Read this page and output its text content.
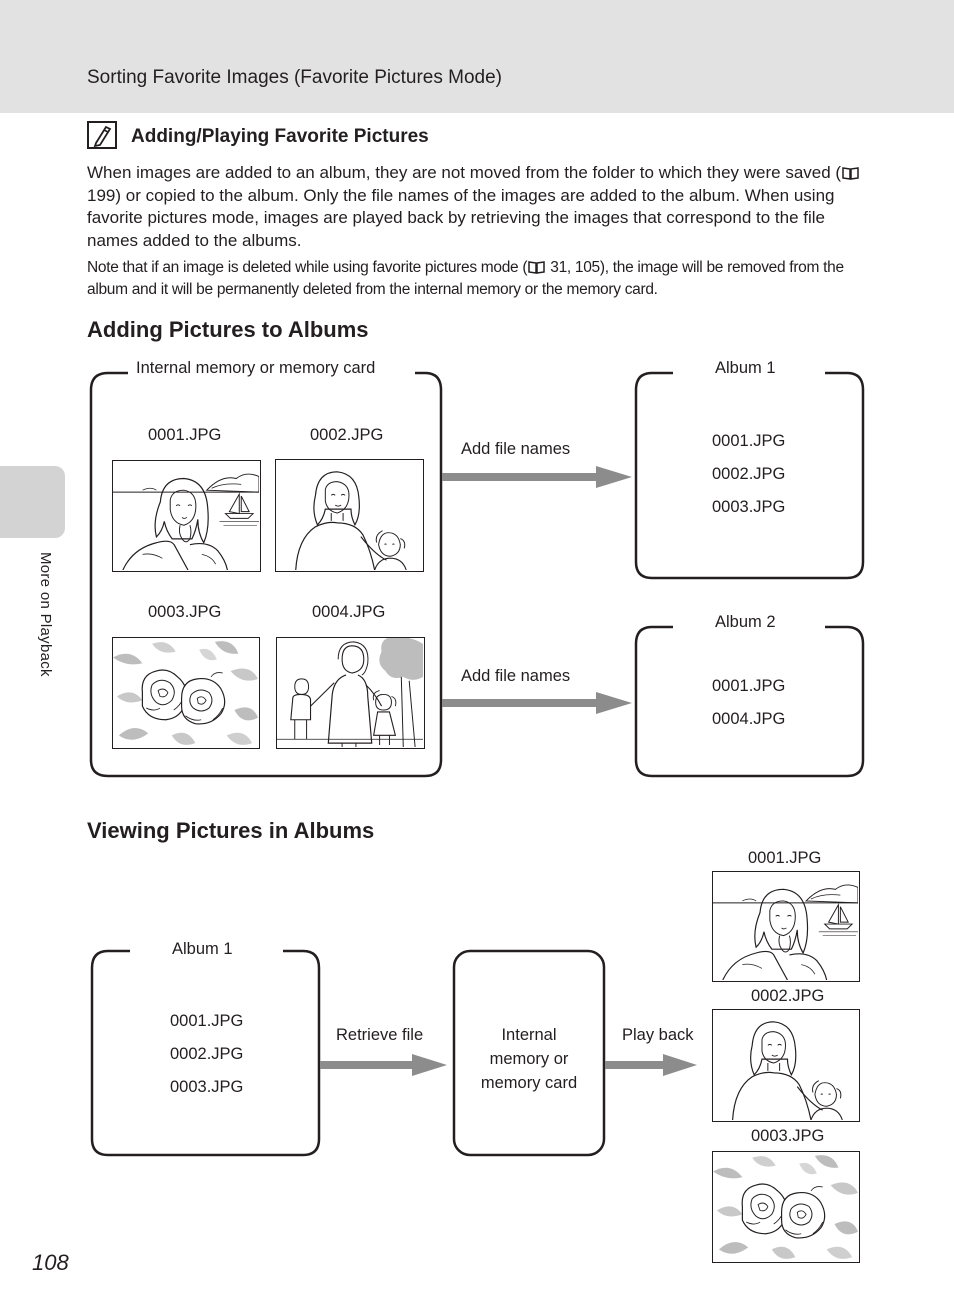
Sorting Favorite Images (Favorite Pictures Mode)
More on Playback
Adding/Playing Favorite Pictures
When images are added to an album, they are not moved from the folder to which they were saved ( 199) or copied to the album. Only the file names of the images are added to the album. When using favorite pictures mode, images are played back by retrieving the images that correspond to the file names added to the albums.
Note that if an image is deleted while using favorite pictures mode ( 31, 105), the image will be removed from the album and it will be permanently deleted from the internal memory or the memory card.
Adding Pictures to Albums
Internal memory or memory card
0001.JPG	0002.JPG
0003.JPG	0004.JPG
Add file names
Add file names
Album 1
0001.JPG
0002.JPG
0003.JPG
Album 2
0001.JPG
0004.JPG
Viewing Pictures in Albums
Album 1
0001.JPG
0002.JPG
0003.JPG
Retrieve file	Internal
memory or
memory card
Play back
0001.JPG
0002.JPG
0003.JPG
108
